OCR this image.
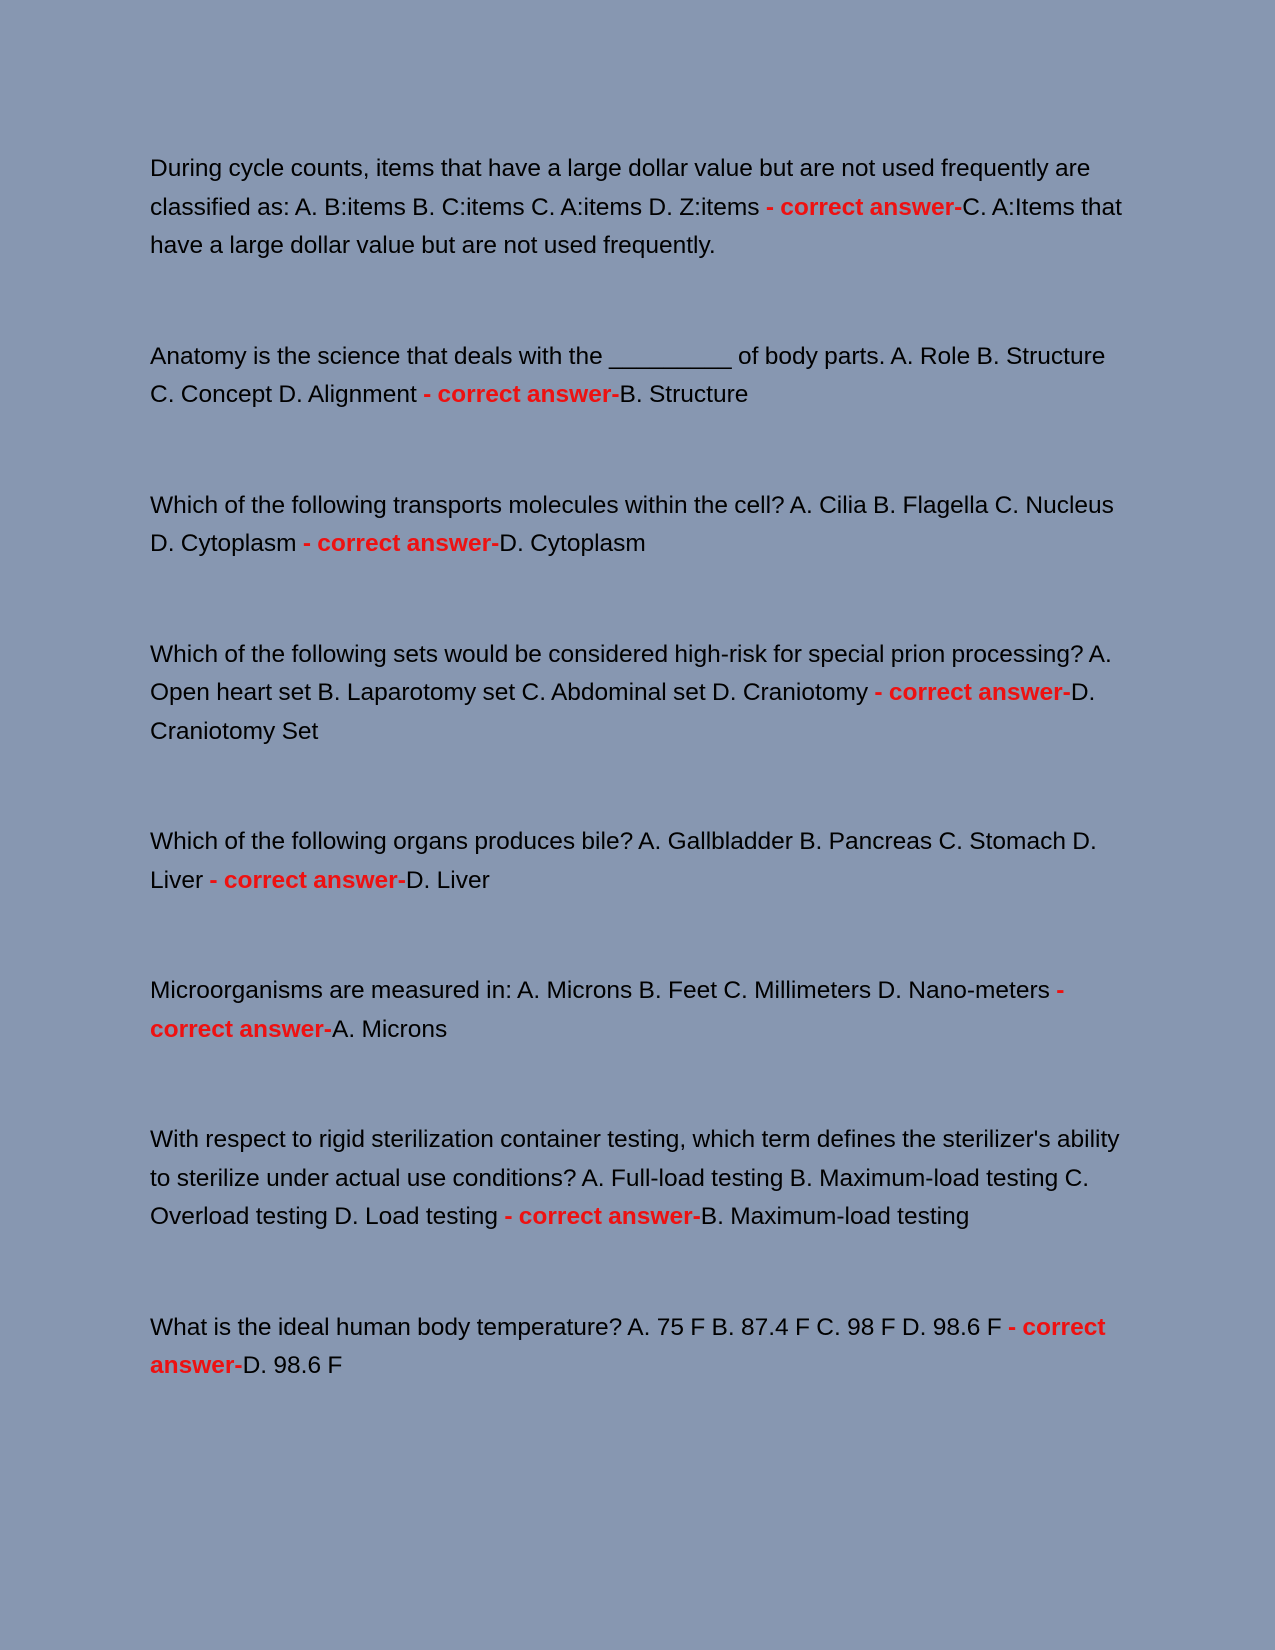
During cycle counts, items that have a large dollar value but are not used frequently are classified as: A. B:items B. C:items C. A:items D. Z:items - correct answer-C. A:Items that have a large dollar value but are not used frequently.

Anatomy is the science that deals with the _________ of body parts. A. Role B. Structure C. Concept D. Alignment - correct answer-B. Structure

Which of the following transports molecules within the cell? A. Cilia B. Flagella C. Nucleus D. Cytoplasm - correct answer-D. Cytoplasm

Which of the following sets would be considered high-risk for special prion processing? A. Open heart set B. Laparotomy set C. Abdominal set D. Craniotomy - correct answer-D. Craniotomy Set

Which of the following organs produces bile? A. Gallbladder B. Pancreas C. Stomach D. Liver - correct answer-D. Liver

Microorganisms are measured in: A. Microns B. Feet C. Millimeters D. Nano-meters - correct answer-A. Microns

With respect to rigid sterilization container testing, which term defines the sterilizer's ability to sterilize under actual use conditions? A. Full-load testing B. Maximum-load testing C. Overload testing D. Load testing - correct answer-B. Maximum-load testing

What is the ideal human body temperature? A. 75 F B. 87.4 F C. 98 F D. 98.6 F - correct answer-D. 98.6 F
